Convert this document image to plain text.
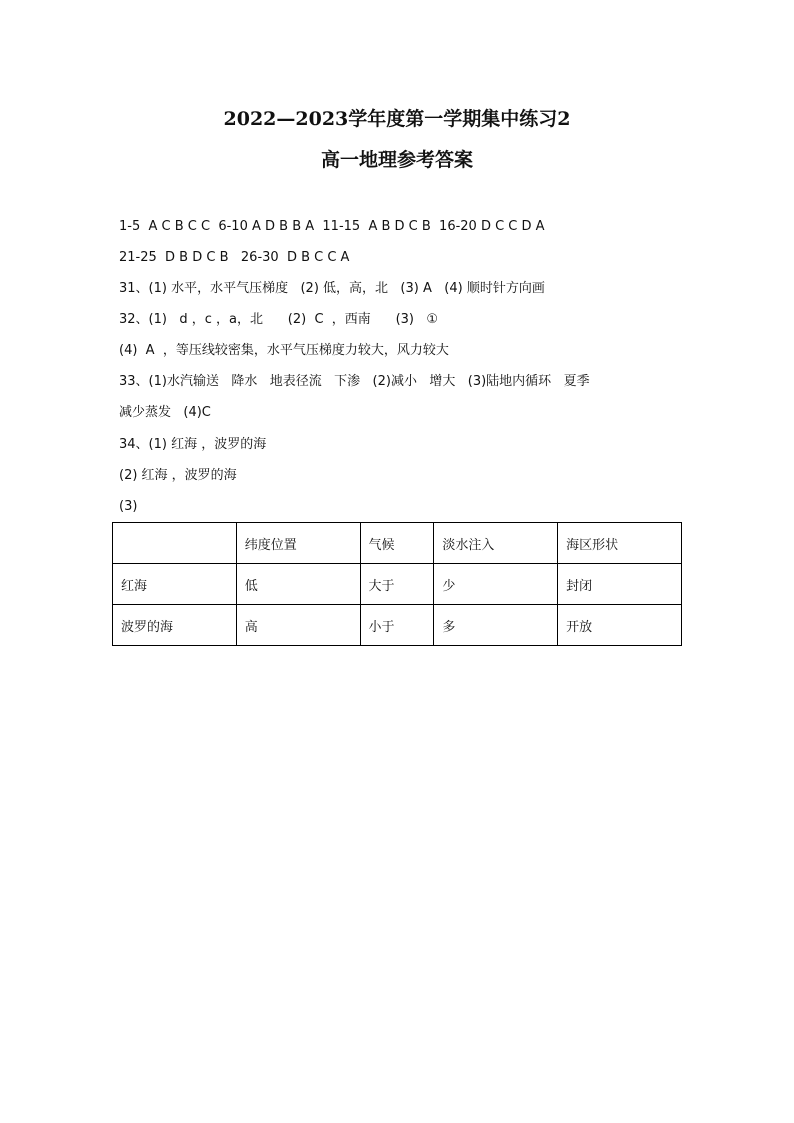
2022—2023学年度第一学期集中练习2
高一地理参考答案

1-5  A C B C C  6-10 A D B B A  11-15  A B D C B  16-20 D C C D A

21-25  D B D C B   26-30  D B C C A

31、(1) 水平，水平气压梯度   (2) 低，高，北   (3) A   (4) 顺时针方向画

32、(1)   d ，c ，a，北      (2)  C  ，西南      (3)   ①

(4)  A  ，等压线较密集，水平气压梯度力较大，风力较大

33、(1)水汽输送   降水   地表径流   下渗   (2)减小   增大   (3)陆地内循环   夏季

减少蒸发   (4)C

34、(1) 红海 ，波罗的海

(2) 红海 ，波罗的海

(3)

	纬度位置	气候	淡水注入	海区形状
红海	低	大于	少	封闭
波罗的海	高	小于	多	开放
